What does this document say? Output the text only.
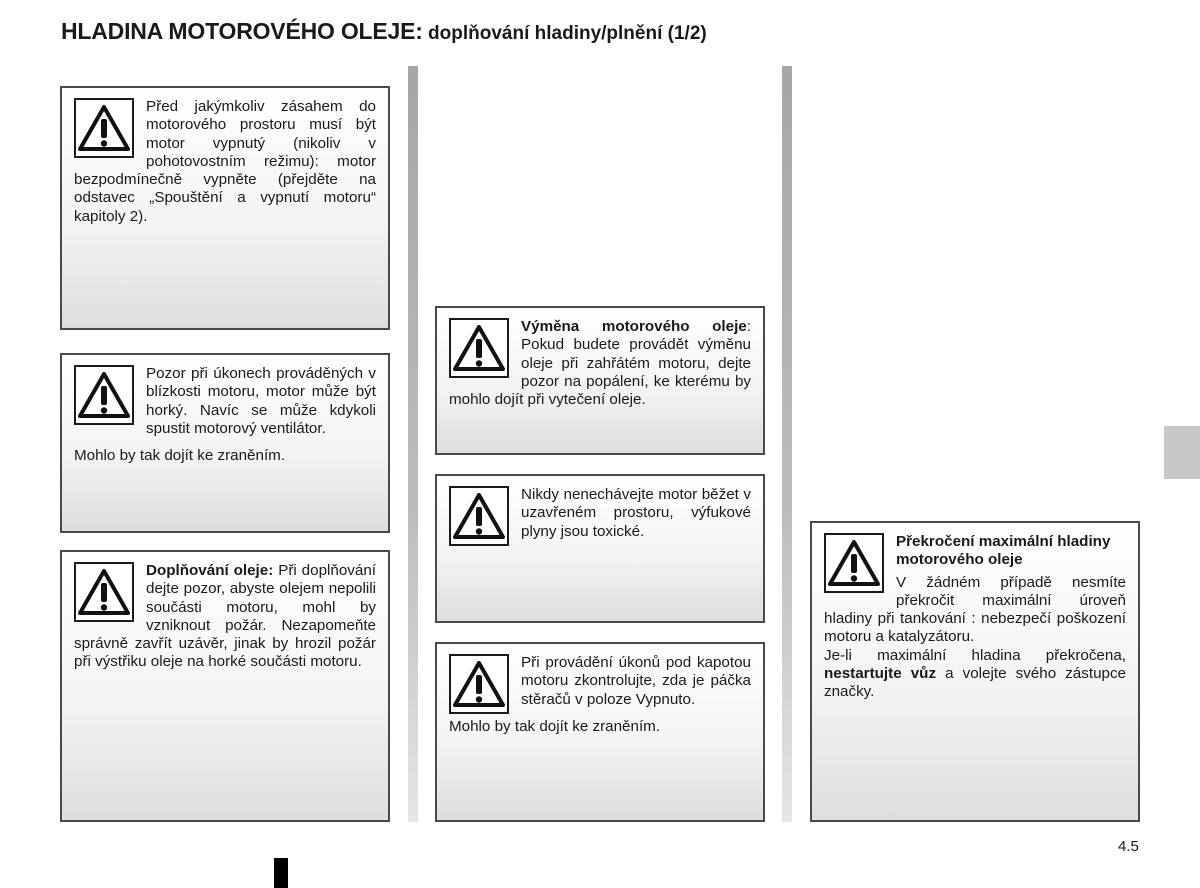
HLADINA MOTOROVÉHO OLEJE: doplňování hladiny/plnění (1/2)

Před jakýmkoliv zásahem do motorového prostoru musí být motor vypnutý (nikoliv v pohotovostním režimu): motor bezpodmínečně vypněte (přejděte na odstavec „Spouštění a vypnutí motoru“ kapitoly 2).

Pozor při úkonech prováděných v blízkosti motoru, motor může být horký. Navíc se může kdykoli spustit motorový ventilátor.

Mohlo by tak dojít ke zraněním.

Doplňování oleje: Při doplňování dejte pozor, abyste olejem nepolili součásti motoru, mohl by vzniknout požár. Nezapomeňte správně zavřít uzávěr, jinak by hrozil požár při výstřiku oleje na horké součásti motoru.

Výměna motorového oleje: Pokud budete provádět výměnu oleje při zahřátém motoru, dejte pozor na popálení, ke kterému by mohlo dojít při vytečení oleje.

Nikdy nenechávejte motor běžet v uzavřeném prostoru, výfukové plyny jsou toxické.

Při provádění úkonů pod kapotou motoru zkontrolujte, zda je páčka stěračů v poloze Vypnuto.

Mohlo by tak dojít ke zraněním.

Překročení maximální hladiny motorového oleje

V žádném případě nesmíte překročit maximální úroveň hladiny při tankování : nebezpečí poškození motoru a katalyzátoru.

Je-li maximální hladina překročena, nestartujte vůz a volejte svého zástupce značky.

4.5
